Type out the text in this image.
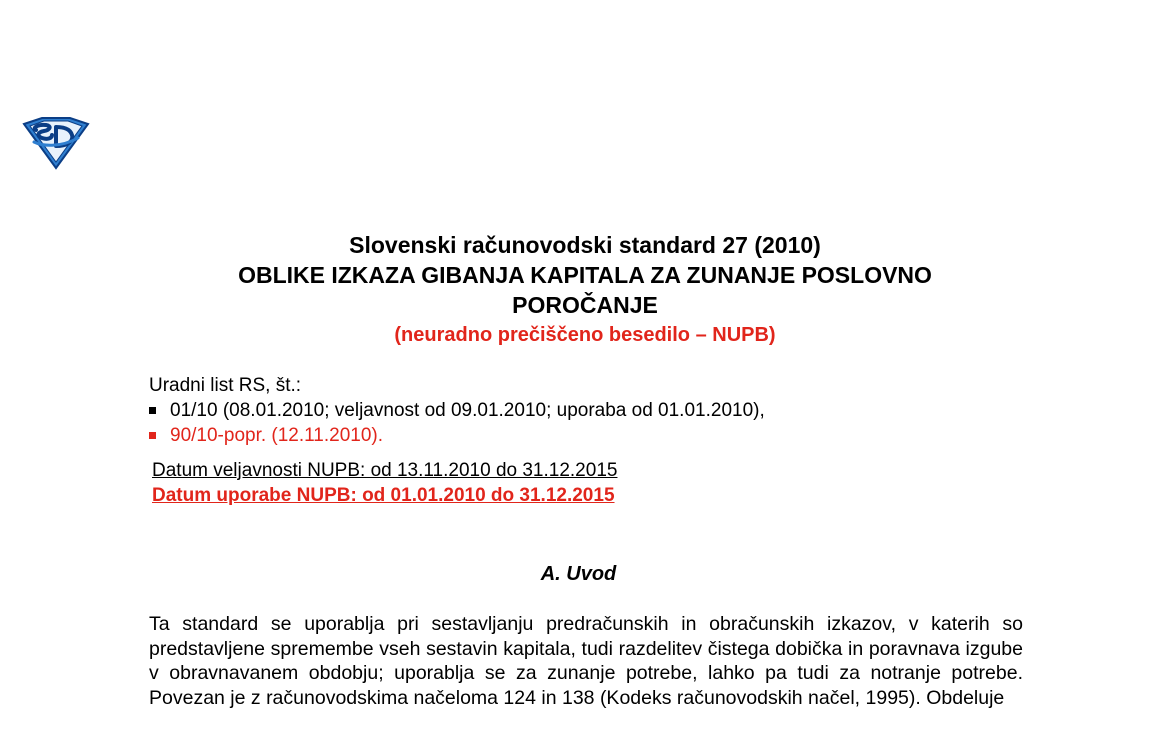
Slovenski računovodski standard 27 (2010)
OBLIKE IZKAZA GIBANJA KAPITALA ZA ZUNANJE POSLOVNO
POROČANJE
(neuradno prečiščeno besedilo – NUPB)
Uradni list RS, št.:
01/10 (08.01.2010; veljavnost od 09.01.2010; uporaba od 01.01.2010),
90/10-popr. (12.11.2010).
Datum veljavnosti NUPB: od 13.11.2010 do 31.12.2015
Datum uporabe NUPB: od 01.01.2010 do 31.12.2015
A. Uvod

Ta standard se uporablja pri sestavljanju predračunskih in obračunskih izkazov, v katerih so predstavljene spremembe vseh sestavin kapitala, tudi razdelitev čistega dobička in poravnava izgube v obravnavanem obdobju; uporablja se za zunanje potrebe, lahko pa tudi za notranje potrebe. Povezan je z računovodskima načeloma 124 in 138 (Kodeks računovodskih načel, 1995). Obdeluje
